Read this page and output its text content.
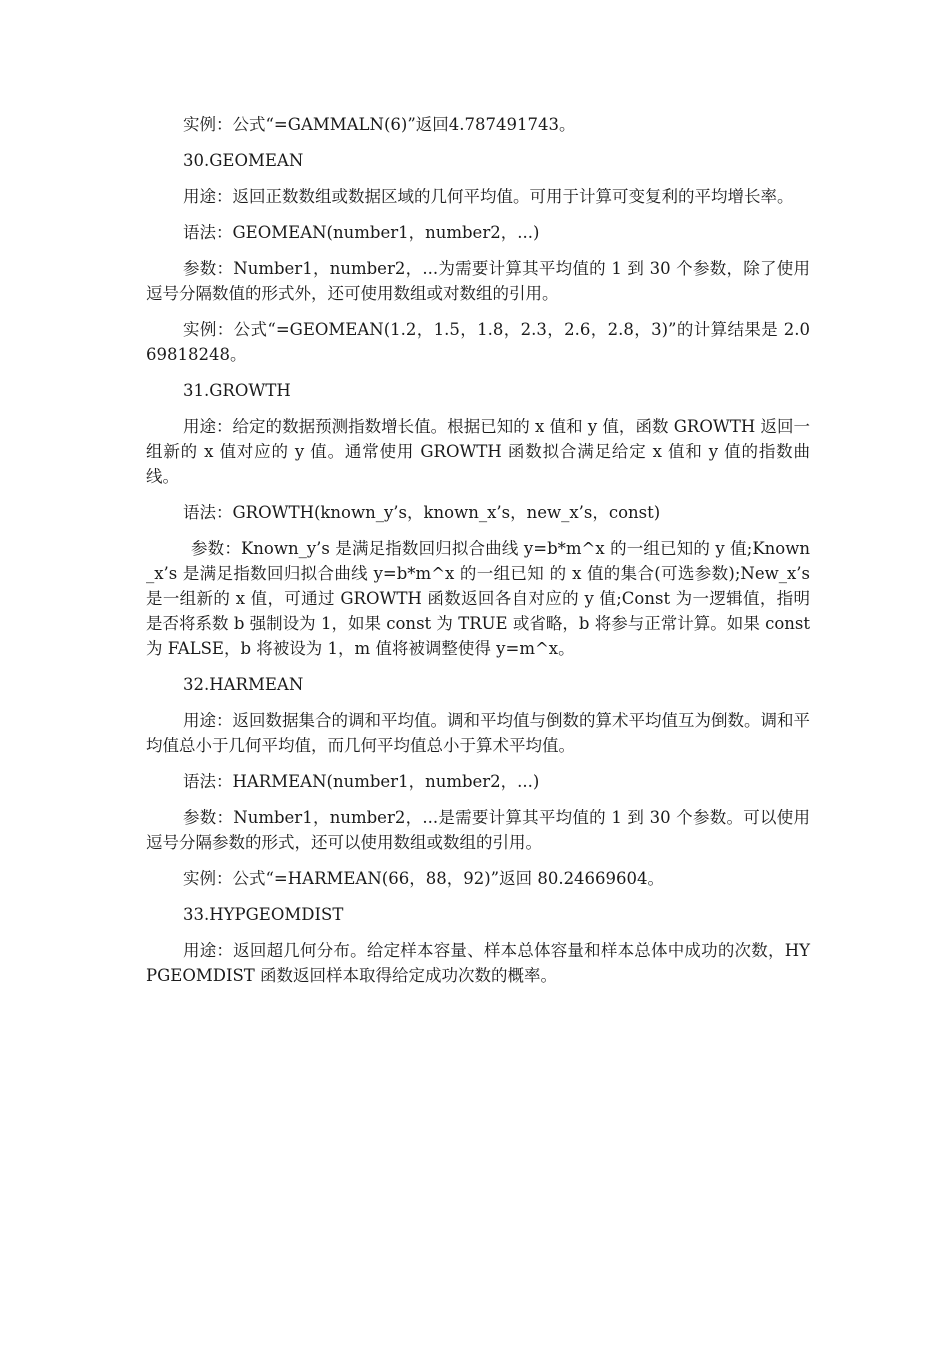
实例：公式“=GAMMALN(6)”返回4.787491743。

30.GEOMEAN

用途：返回正数数组或数据区域的几何平均值。可用于计算可变复利的平均增长率。

语法：GEOMEAN(number1，number2，...)

参数：Number1，number2，...为需要计算其平均值的 1 到 30 个参数，除了使用逗号分隔数值的形式外，还可使用数组或对数组的引用。

实例：公式“=GEOMEAN(1.2，1.5，1.8，2.3，2.6，2.8，3)”的计算结果是 2.069818248。

31.GROWTH

用途：给定的数据预测指数增长值。根据已知的 x 值和 y 值，函数 GROWTH 返回一组新的 x 值对应的 y 值。通常使用 GROWTH 函数拟合满足给定 x 值和 y 值的指数曲线。

语法：GROWTH(known_y’s，known_x’s，new_x’s，const)

参数：Known_y’s 是满足指数回归拟合曲线 y=b*m^x 的一组已知的 y 值;Known_x’s 是满足指数回归拟合曲线 y=b*m^x 的一组已知 的 x 值的集合(可选参数);New_x’s 是一组新的 x 值，可通过 GROWTH 函数返回各自对应的 y 值;Const 为一逻辑值，指明是否将系数 b 强制设为 1，如果 const 为 TRUE 或省略，b 将参与正常计算。如果 const 为 FALSE，b 将被设为 1，m 值将被调整使得 y=m^x。

32.HARMEAN

用途：返回数据集合的调和平均值。调和平均值与倒数的算术平均值互为倒数。调和平均值总小于几何平均值，而几何平均值总小于算术平均值。

语法：HARMEAN(number1，number2，...)

参数：Number1，number2，...是需要计算其平均值的 1 到 30 个参数。可以使用逗号分隔参数的形式，还可以使用数组或数组的引用。

实例：公式“=HARMEAN(66，88，92)”返回 80.24669604。

33.HYPGEOMDIST

用途：返回超几何分布。给定样本容量、样本总体容量和样本总体中成功的次数，HYPGEOMDIST 函数返回样本取得给定成功次数的概率。
